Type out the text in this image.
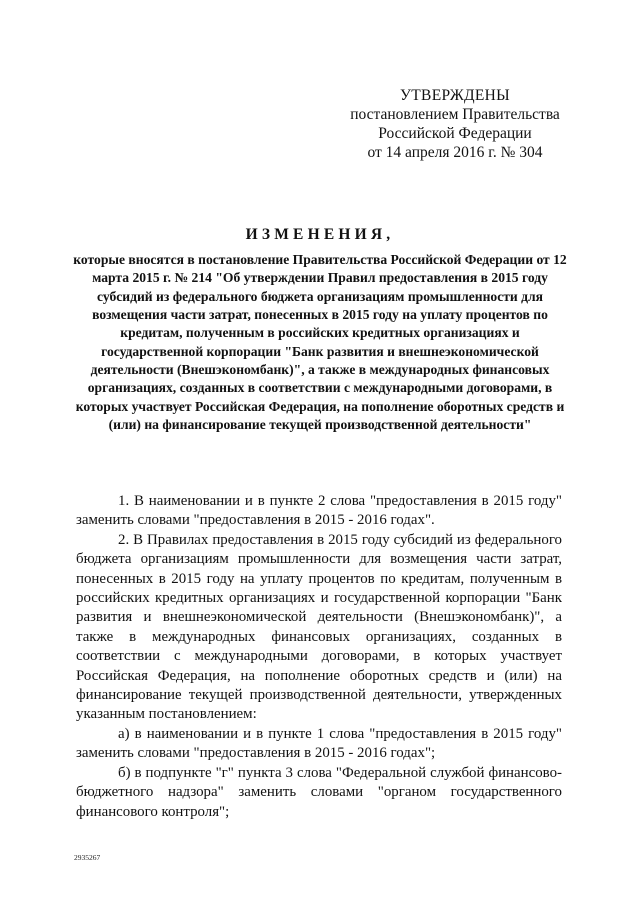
УТВЕРЖДЕНЫ
постановлением Правительства
Российской Федерации
от 14 апреля 2016 г. № 304
ИЗМЕНЕНИЯ,
которые вносятся в постановление Правительства Российской Федерации от 12 марта 2015 г. № 214 "Об утверждении Правил предоставления в 2015 году субсидий из федерального бюджета организациям промышленности для возмещения части затрат, понесенных в 2015 году на уплату процентов по кредитам, полученным в российских кредитных организациях и государственной корпорации "Банк развития и внешнеэкономической деятельности (Внешэкономбанк)", а также в международных финансовых организациях, созданных в соответствии с международными договорами, в которых участвует Российская Федерация, на пополнение оборотных средств и (или) на финансирование текущей производственной деятельности"

1. В наименовании и в пункте 2 слова "предоставления в 2015 году" заменить словами "предоставления в 2015 - 2016 годах".

2. В Правилах предоставления в 2015 году субсидий из федерального бюджета организациям промышленности для возмещения части затрат, понесенных в 2015 году на уплату процентов по кредитам, полученным в российских кредитных организациях и государственной корпорации "Банк развития и внешнеэкономической деятельности (Внешэкономбанк)", а также в международных финансовых организациях, созданных в соответствии с международными договорами, в которых участвует Российская Федерация, на пополнение оборотных средств и (или) на финансирование текущей производственной деятельности, утвержденных указанным постановлением:

а) в наименовании и в пункте 1 слова "предоставления в 2015 году" заменить словами "предоставления в 2015 - 2016 годах";

б) в подпункте "г" пункта 3 слова "Федеральной службой финансово-бюджетного надзора" заменить словами "органом государственного финансового контроля";

2935267
